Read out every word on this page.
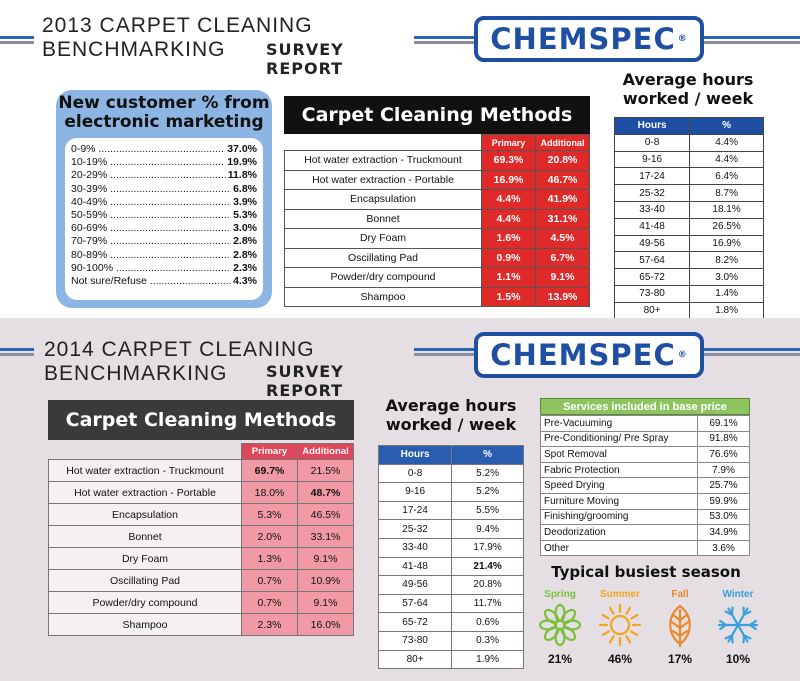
2013 CARPET CLEANING BENCHMARKING	SURVEY REPORT
CHEMSPEC ®
New customer % from electronic marketing
0-9% .....	37.0%
10-19% .....	19.9%
20-29% .....	11.8%
30-39% .....	6.8%
40-49% .....	3.9%
50-59% .....	5.3%
60-69% .....	3.0%
70-79% .....	2.8%
80-89% .....	2.8%
90-100% .....	2.3%
Not sure/Refuse .....	4.3%
Carpet Cleaning Methods
	Primary	Additional
Hot water extraction - Truckmount	69.3%	20.8%
Hot water extraction - Portable	16.9%	46.7%
Encapsulation	4.4%	41.9%
Bonnet	4.4%	31.1%
Dry Foam	1.6%	4.5%
Oscillating Pad	0.9%	6.7%
Powder/dry compound	1.1%	9.1%
Shampoo	1.5%	13.9%
Average hours worked / week
Hours	%
0-8	4.4%
9-16	4.4%
17-24	6.4%
25-32	8.7%
33-40	18.1%
41-48	26.5%
49-56	16.9%
57-64	8.2%
65-72	3.0%
73-80	1.4%
80+	1.8%
2014 CARPET CLEANING BENCHMARKING	SURVEY REPORT
CHEMSPEC ®
Carpet Cleaning Methods
	Primary	Additional
Hot water extraction - Truckmount	69.7%	21.5%
Hot water extraction - Portable	18.0%	48.7%
Encapsulation	5.3%	46.5%
Bonnet	2.0%	33.1%
Dry Foam	1.3%	9.1%
Oscillating Pad	0.7%	10.9%
Powder/dry compound	0.7%	9.1%
Shampoo	2.3%	16.0%
Average hours worked / week
Hours	%
0-8	5.2%
9-16	5.2%
17-24	5.5%
25-32	9.4%
33-40	17.9%
41-48	21.4%
49-56	20.8%
57-64	11.7%
65-72	0.6%
73-80	0.3%
80+	1.9%
Services included in base price
Pre-Vacuuming	69.1%
Pre-Conditioning/ Pre Spray	91.8%
Spot Removal	76.6%
Fabric Protection	7.9%
Speed Drying	25.7%
Furniture Moving	59.9%
Finishing/grooming	53.0%
Deodorization	34.9%
Other	3.6%
Typical busiest season
Spring
21%
Summer
46%
Fall
17%
Winter
10%
